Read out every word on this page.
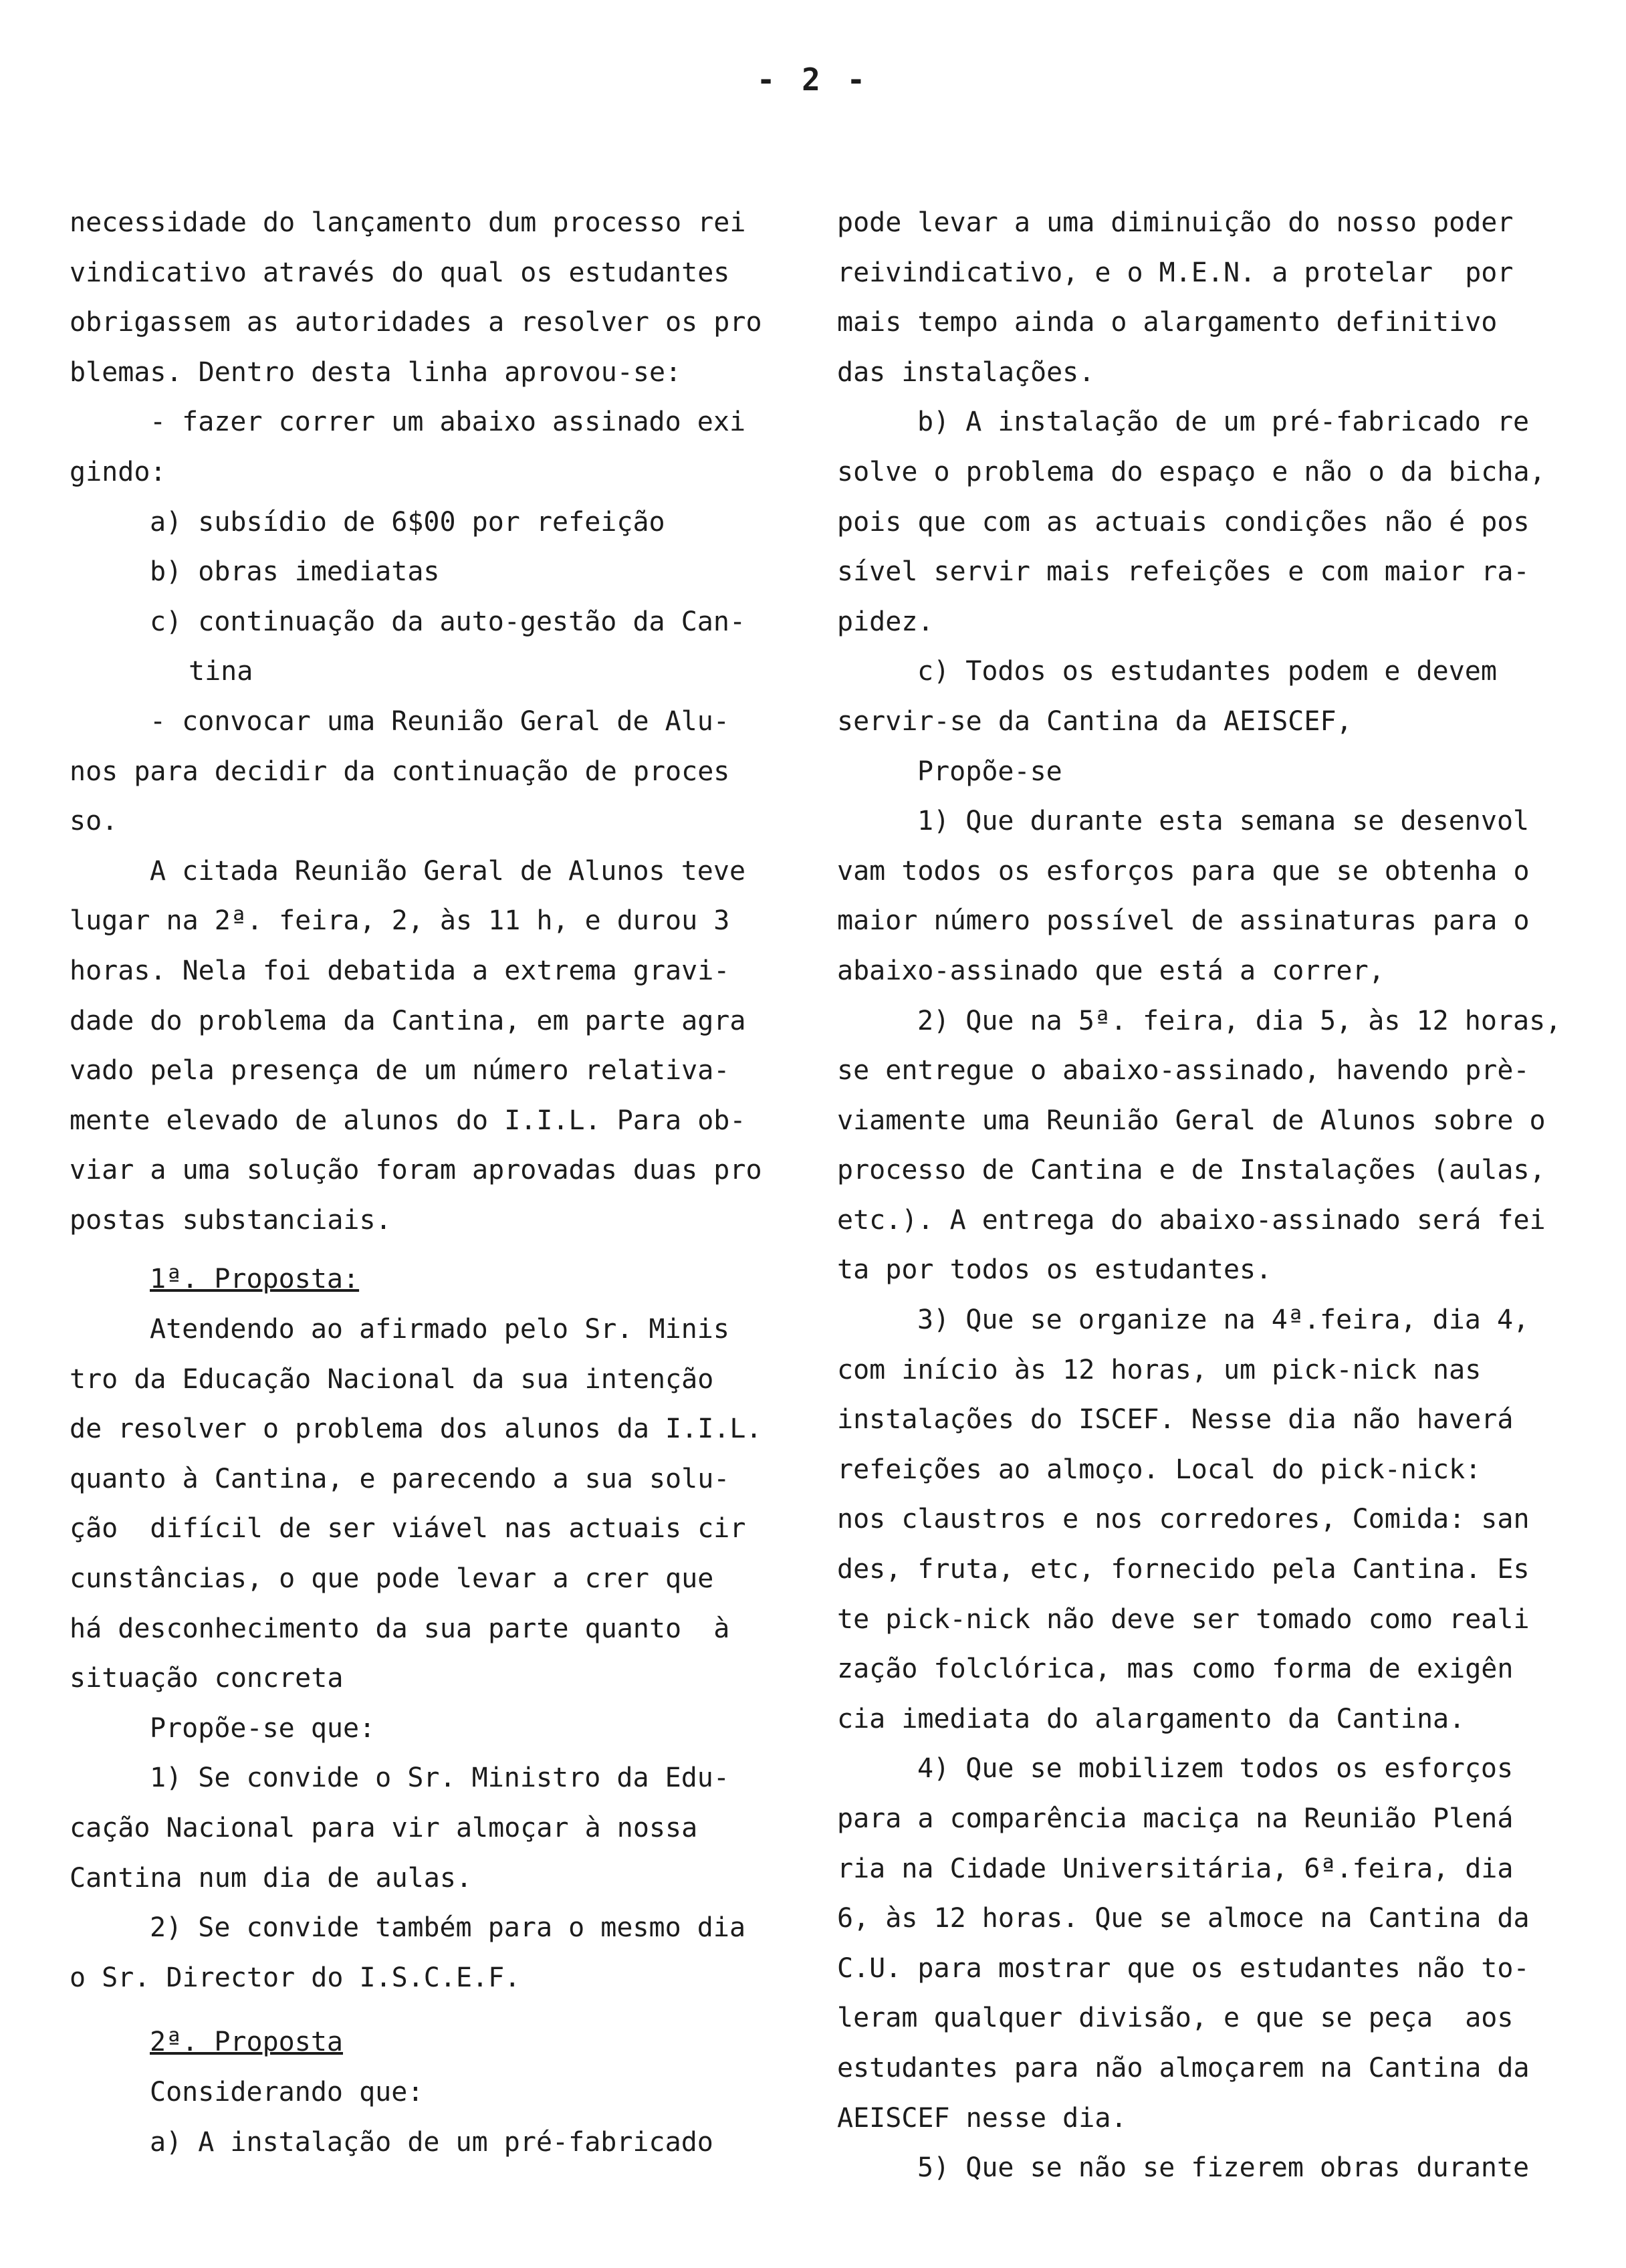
- 2 -
necessidade do lançamento dum processo rei
vindicativo através do qual os estudantes
obrigassem as autoridades a resolver os pro
blemas. Dentro desta linha aprovou-se:
- fazer correr um abaixo assinado exi
gindo:
a) subsídio de 6$00 por refeição
b) obras imediatas
c) continuação da auto-gestão da Can-
tina
- convocar uma Reunião Geral de Alu-
nos para decidir da continuação de proces
so.
A citada Reunião Geral de Alunos teve
lugar na 2ª. feira, 2, às 11 h, e durou 3
horas. Nela foi debatida a extrema gravi-
dade do problema da Cantina, em parte agra
vado pela presença de um número relativa-
mente elevado de alunos do I.I.L. Para ob-
viar a uma solução foram aprovadas duas pro
postas substanciais.
1ª. Proposta:
Atendendo ao afirmado pelo Sr. Minis
tro da Educação Nacional da sua intenção
de resolver o problema dos alunos da I.I.L.
quanto à Cantina, e parecendo a sua solu-
ção  difícil de ser viável nas actuais cir
cunstâncias, o que pode levar a crer que
há desconhecimento da sua parte quanto  à
situação concreta
Propõe-se que:
1) Se convide o Sr. Ministro da Edu-
cação Nacional para vir almoçar à nossa
Cantina num dia de aulas.
2) Se convide também para o mesmo dia
o Sr. Director do I.S.C.E.F.
2ª. Proposta
Considerando que:
a) A instalação de um pré-fabricado
pode levar a uma diminuição do nosso poder
reivindicativo, e o M.E.N. a protelar  por
mais tempo ainda o alargamento definitivo
das instalações.
b) A instalação de um pré-fabricado re
solve o problema do espaço e não o da bicha,
pois que com as actuais condições não é pos
sível servir mais refeições e com maior ra-
pidez.
c) Todos os estudantes podem e devem
servir-se da Cantina da AEISCEF,
Propõe-se
1) Que durante esta semana se desenvol
vam todos os esforços para que se obtenha o
maior número possível de assinaturas para o
abaixo-assinado que está a correr,
2) Que na 5ª. feira, dia 5, às 12 horas,
se entregue o abaixo-assinado, havendo prè-
viamente uma Reunião Geral de Alunos sobre o
processo de Cantina e de Instalações (aulas,
etc.). A entrega do abaixo-assinado será fei
ta por todos os estudantes.
3) Que se organize na 4ª.feira, dia 4,
com início às 12 horas, um pick-nick nas
instalações do ISCEF. Nesse dia não haverá
refeições ao almoço. Local do pick-nick:
nos claustros e nos corredores, Comida: san
des, fruta, etc, fornecido pela Cantina. Es
te pick-nick não deve ser tomado como reali
zação folclórica, mas como forma de exigên
cia imediata do alargamento da Cantina.
4) Que se mobilizem todos os esforços
para a comparência maciça na Reunião Plená
ria na Cidade Universitária, 6ª.feira, dia
6, às 12 horas. Que se almoce na Cantina da
C.U. para mostrar que os estudantes não to-
leram qualquer divisão, e que se peça  aos
estudantes para não almoçarem na Cantina da
AEISCEF nesse dia.
5) Que se não se fizerem obras durante
